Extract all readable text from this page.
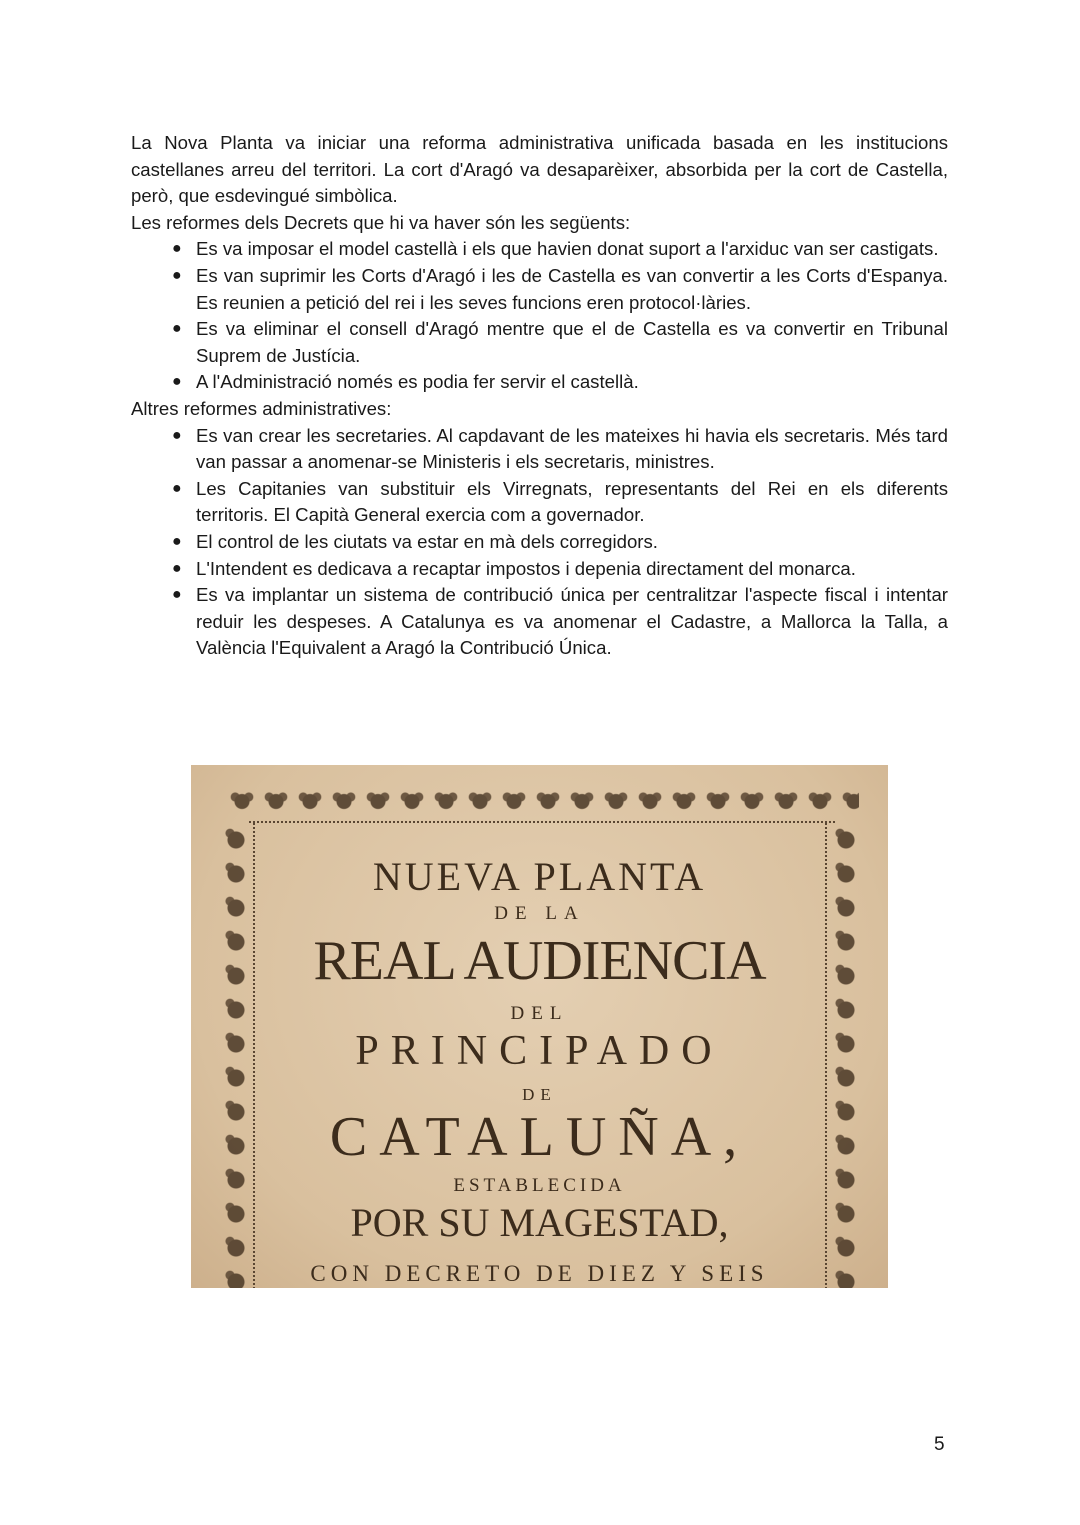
La Nova Planta va iniciar una reforma administrativa unificada basada en les institucions castellanes arreu del territori. La cort d'Aragó va desaparèixer, absorbida per la cort de Castella, però, que esdevingué simbòlica.

Les reformes dels Decrets que hi va haver són les següents:

● Es va imposar el model castellà i els que havien donat suport a l'arxiduc van ser castigats.
● Es van suprimir les Corts d'Aragó i les de Castella es van convertir a les Corts d'Espanya. Es reunien a petició del rei i les seves funcions eren protocol·làries.
● Es va eliminar el consell d'Aragó mentre que el de Castella es va convertir en Tribunal Suprem de Justícia.
● A l'Administració només es podia fer servir el castellà.

Altres reformes administratives:

● Es van crear les secretaries. Al capdavant de les mateixes hi havia els secretaris. Més tard van passar a anomenar-se Ministeris i els secretaris, ministres.
● Les Capitanies van substituir els Virregnats, representants del Rei en els diferents territoris. El Capità General exercia com a governador.
● El control de les ciutats va estar en mà dels corregidors.
● L'Intendent es dedicava a recaptar impostos i depenia directament del monarca.
● Es va implantar un sistema de contribució única per centralitzar l'aspecte fiscal i intentar reduir les despeses. A Catalunya es va anomenar el Cadastre, a Mallorca la Talla, a València l'Equivalent a Aragó la Contribució Única.
NUEVA PLANTA
DE LA
REAL AUDIENCIA
DEL
PRINCIPADO
DE
CATALUÑA,
ESTABLECIDA
POR SU MAGESTAD,
CON DECRETO DE DIEZ Y SEIS
5
